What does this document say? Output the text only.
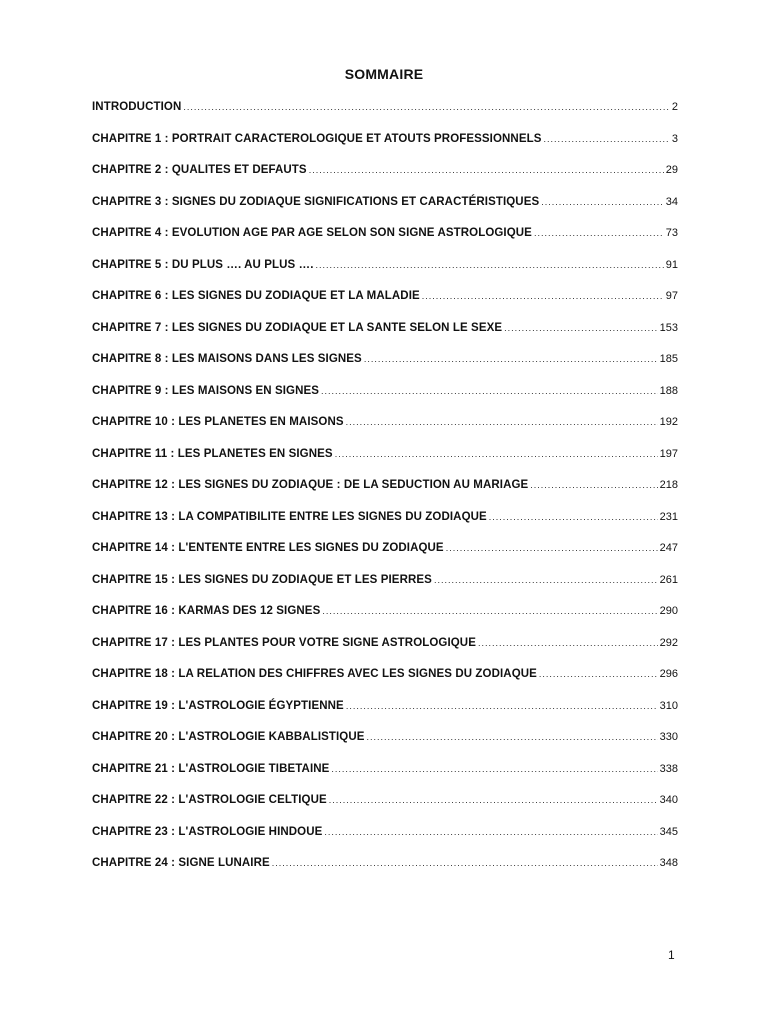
SOMMAIRE
INTRODUCTION .....	2
CHAPITRE 1 : PORTRAIT CARACTEROLOGIQUE ET ATOUTS PROFESSIONNELS .....	3
CHAPITRE 2 : QUALITES ET DEFAUTS .....	29
CHAPITRE 3 : SIGNES DU ZODIAQUE SIGNIFICATIONS ET CARACTÉRISTIQUES .....	34
CHAPITRE 4 : EVOLUTION AGE PAR AGE SELON SON SIGNE ASTROLOGIQUE .....	73
CHAPITRE 5 : DU PLUS …. AU PLUS …. .....	91
CHAPITRE 6 : LES SIGNES DU ZODIAQUE ET LA MALADIE .....	97
CHAPITRE 7 : LES SIGNES DU ZODIAQUE ET LA SANTE SELON LE SEXE .....	153
CHAPITRE 8 : LES MAISONS DANS LES SIGNES .....	185
CHAPITRE 9 : LES MAISONS EN SIGNES .....	188
CHAPITRE 10 : LES PLANETES EN MAISONS .....	192
CHAPITRE 11 : LES PLANETES EN SIGNES .....	197
CHAPITRE 12 : LES SIGNES DU ZODIAQUE : DE LA SEDUCTION AU MARIAGE .....	218
CHAPITRE 13 : LA COMPATIBILITE ENTRE LES SIGNES DU ZODIAQUE .....	231
CHAPITRE 14 : L'ENTENTE ENTRE LES SIGNES DU ZODIAQUE .....	247
CHAPITRE 15 : LES SIGNES DU ZODIAQUE ET LES PIERRES .....	261
CHAPITRE 16 : KARMAS DES 12 SIGNES .....	290
CHAPITRE 17 : LES PLANTES POUR VOTRE SIGNE ASTROLOGIQUE .....	292
CHAPITRE 18 : LA RELATION DES CHIFFRES AVEC LES SIGNES DU ZODIAQUE .....	296
CHAPITRE 19 : L'ASTROLOGIE ÉGYPTIENNE .....	310
CHAPITRE 20 : L'ASTROLOGIE KABBALISTIQUE .....	330
CHAPITRE 21 : L'ASTROLOGIE TIBETAINE .....	338
CHAPITRE 22 : L'ASTROLOGIE CELTIQUE .....	340
CHAPITRE 23 : L'ASTROLOGIE HINDOUE .....	345
CHAPITRE 24 : SIGNE LUNAIRE .....	348
1
